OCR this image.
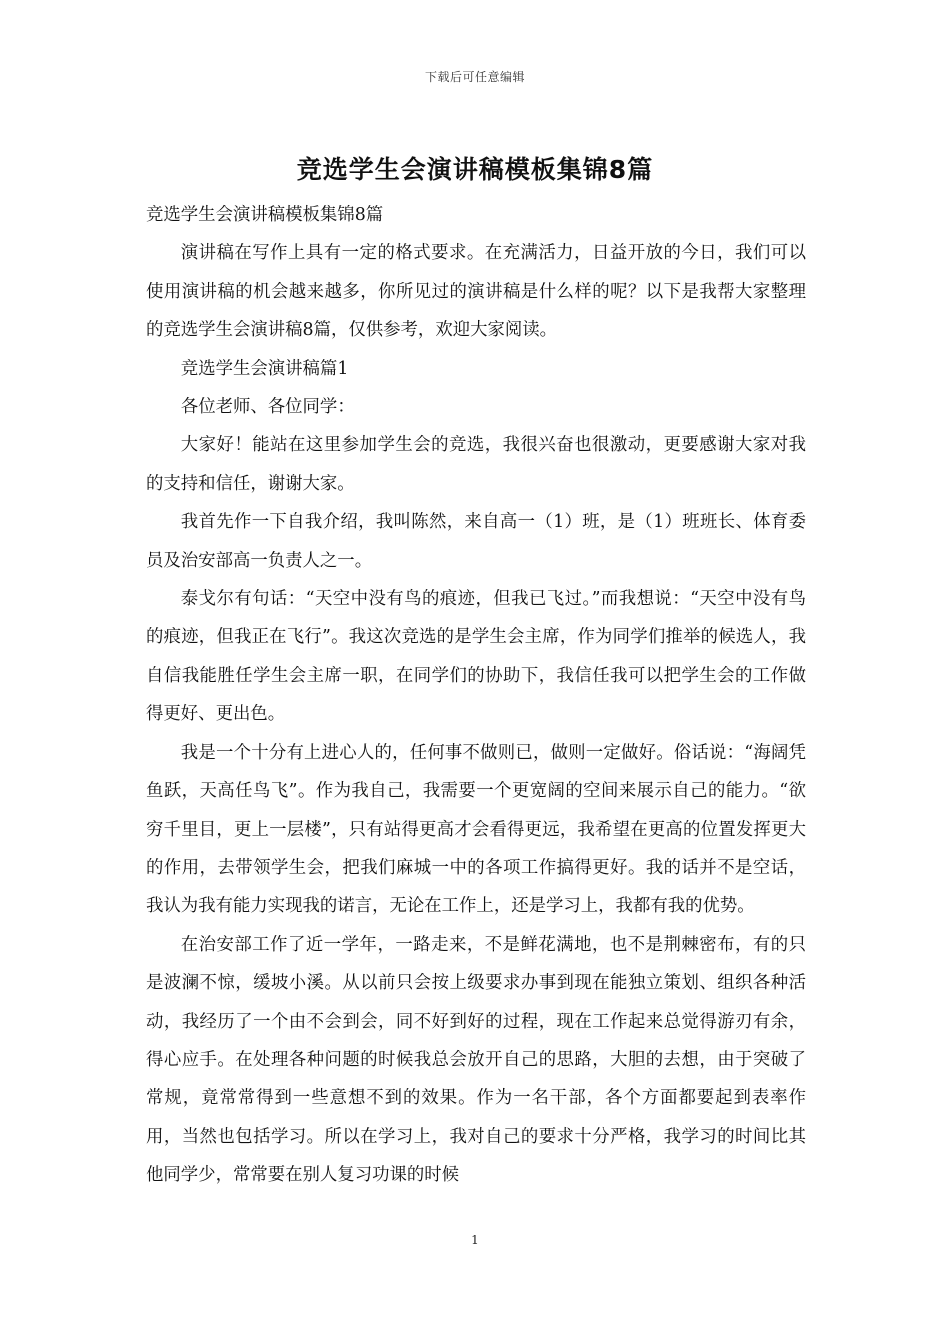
下载后可任意编辑
竞选学生会演讲稿模板集锦8篇

竞选学生会演讲稿模板集锦8篇

演讲稿在写作上具有一定的格式要求。在充满活力，日益开放的今日，我们可以使用演讲稿的机会越来越多，你所见过的演讲稿是什么样的呢？以下是我帮大家整理的竞选学生会演讲稿8篇，仅供参考，欢迎大家阅读。

竞选学生会演讲稿篇1

各位老师、各位同学：

大家好！能站在这里参加学生会的竞选，我很兴奋也很激动，更要感谢大家对我的支持和信任，谢谢大家。

我首先作一下自我介绍，我叫陈然，来自高一（1）班，是（1）班班长、体育委员及治安部高一负责人之一。

泰戈尔有句话：“天空中没有鸟的痕迹，但我已飞过。”而我想说：“天空中没有鸟的痕迹，但我正在飞行”。我这次竞选的是学生会主席，作为同学们推举的候选人，我自信我能胜任学生会主席一职，在同学们的协助下，我信任我可以把学生会的工作做得更好、更出色。

我是一个十分有上进心人的，任何事不做则已，做则一定做好。俗话说：“海阔凭鱼跃，天高任鸟飞”。作为我自己，我需要一个更宽阔的空间来展示自己的能力。“欲穷千里目，更上一层楼”，只有站得更高才会看得更远，我希望在更高的位置发挥更大的作用，去带领学生会，把我们麻城一中的各项工作搞得更好。我的话并不是空话，我认为我有能力实现我的诺言，无论在工作上，还是学习上，我都有我的优势。

在治安部工作了近一学年，一路走来，不是鲜花满地，也不是荆棘密布，有的只是波澜不惊，缓坡小溪。从以前只会按上级要求办事到现在能独立策划、组织各种活动，我经历了一个由不会到会，同不好到好的过程，现在工作起来总觉得游刃有余，得心应手。在处理各种问题的时候我总会放开自己的思路，大胆的去想，由于突破了常规，竟常常得到一些意想不到的效果。作为一名干部，各个方面都要起到表率作用，当然也包括学习。所以在学习上，我对自己的要求十分严格，我学习的时间比其他同学少，常常要在别人复习功课的时候

1
